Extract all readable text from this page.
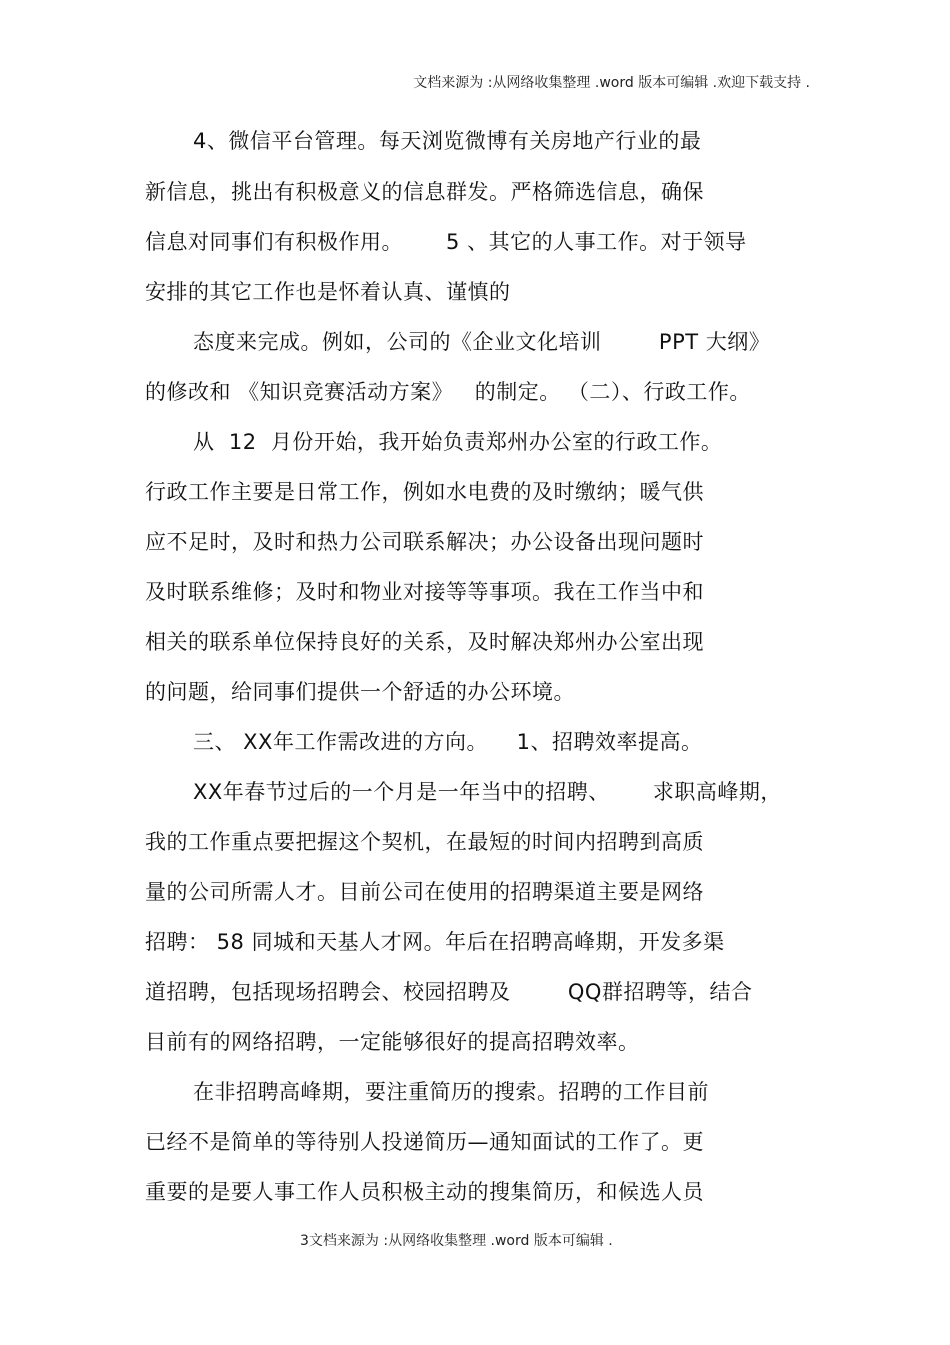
文档来源为 :从网络收集整理 .word 版本可编辑 .欢迎下载支持 .
4、微信平台管理。每天浏览微博有关房地产行业的最
新信息，挑出有积极意义的信息群发。严格筛选信息，确保
信息对同事们有积极作用。      5 、其它的人事工作。对于领导
安排的其它工作也是怀着认真、谨慎的
态度来完成。例如，公司的《企业文化培训        PPT 大纲》
的修改和 《知识竞赛活动方案》   的制定。 （二）、行政工作。
从  12  月份开始，我开始负责郑州办公室的行政工作。
行政工作主要是日常工作，例如水电费的及时缴纳；暖气供
应不足时，及时和热力公司联系解决；办公设备出现问题时
及时联系维修；及时和物业对接等等事项。我在工作当中和
相关的联系单位保持良好的关系，及时解决郑州办公室出现
的问题，给同事们提供一个舒适的办公环境。
三、 XX年工作需改进的方向。    1、招聘效率提高。
XX年春节过后的一个月是一年当中的招聘、      求职高峰期，
我的工作重点要把握这个契机，在最短的时间内招聘到高质
量的公司所需人才。目前公司在使用的招聘渠道主要是网络
招聘： 58 同城和天基人才网。年后在招聘高峰期，开发多渠
道招聘，包括现场招聘会、校园招聘及        QQ群招聘等，结合
目前有的网络招聘，一定能够很好的提高招聘效率。
在非招聘高峰期，要注重简历的搜索。招聘的工作目前
已经不是简单的等待别人投递简历—通知面试的工作了。更
重要的是要人事工作人员积极主动的搜集简历，和候选人员
3文档来源为 :从网络收集整理 .word 版本可编辑 .
